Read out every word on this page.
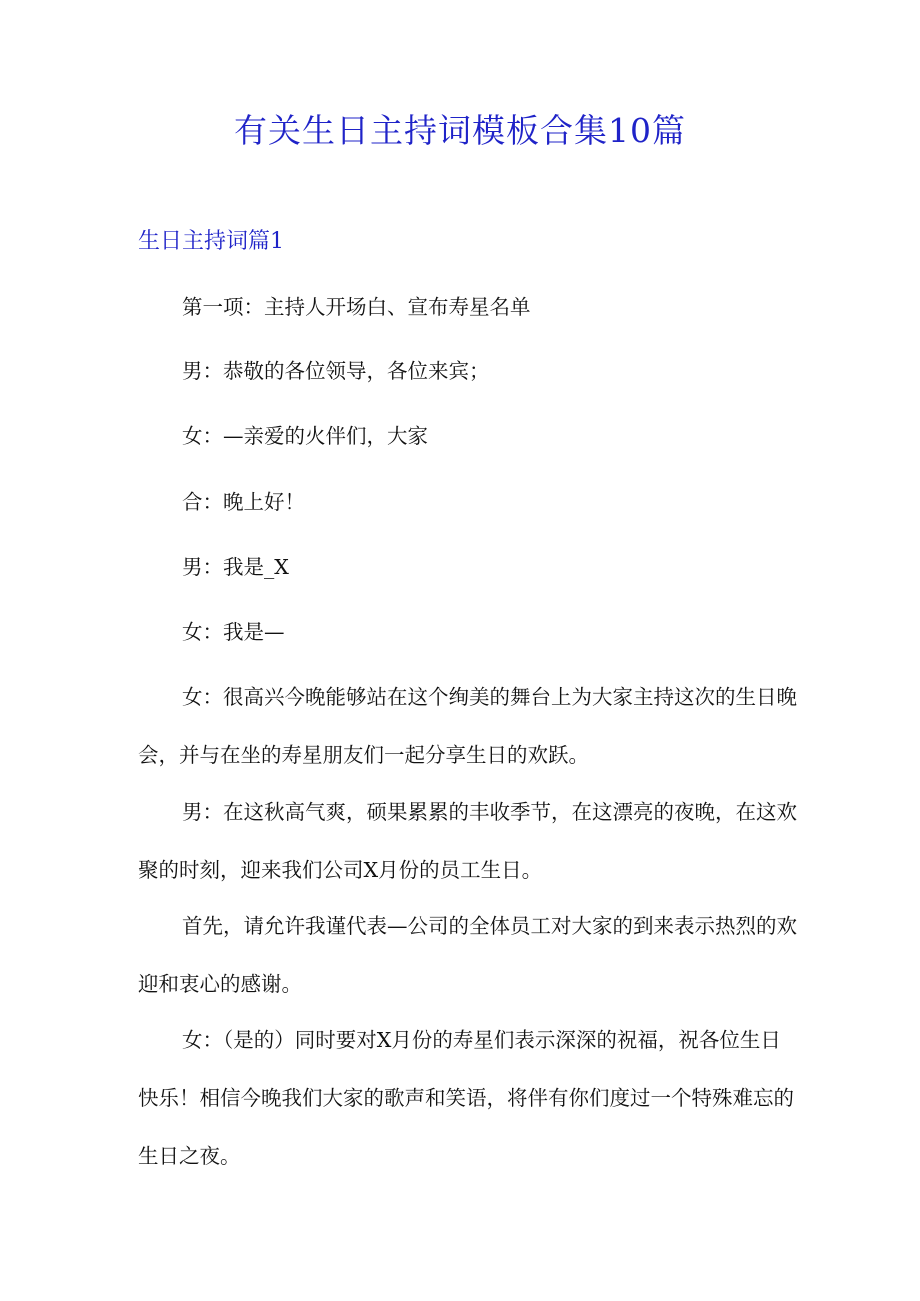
有关生日主持词模板合集10篇
生日主持词篇1

第一项：主持人开场白、宣布寿星名单

男：恭敬的各位领导，各位来宾；

女：—亲爱的火伴们，大家

合：晚上好！

男：我是_X

女：我是—

女：很高兴今晚能够站在这个绚美的舞台上为大家主持这次的生日晚会，并与在坐的寿星朋友们一起分享生日的欢跃。

男：在这秋高气爽，硕果累累的丰收季节，在这漂亮的夜晚，在这欢聚的时刻，迎来我们公司X月份的员工生日。

首先，请允许我谨代表—公司的全体员工对大家的到来表示热烈的欢迎和衷心的感谢。

女：（是的）同时要对X月份的寿星们表示深深的祝福，祝各位生日快乐！相信今晚我们大家的歌声和笑语，将伴有你们度过一个特殊难忘的生日之夜。
